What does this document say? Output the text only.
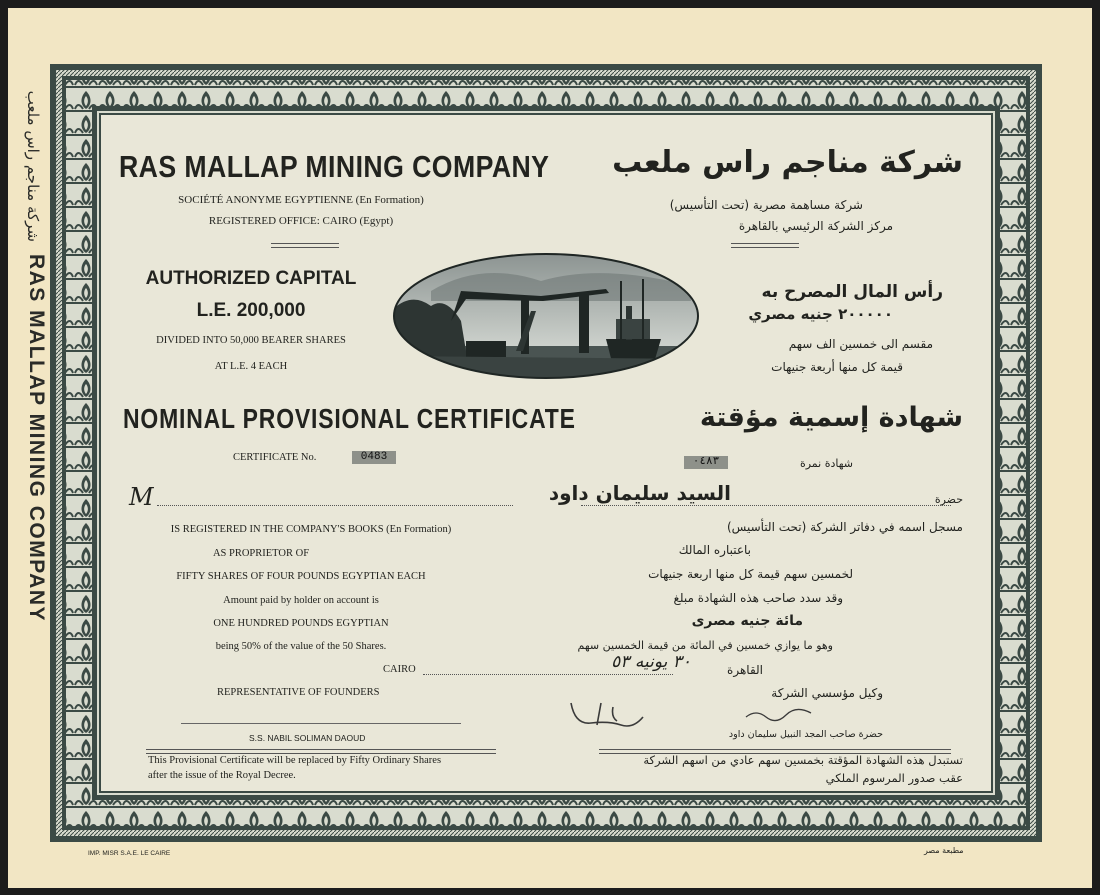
RAS MALLAP MINING COMPANY
شركة مناجم راس ملعب RAS MALLAP MINING COMPANY
SOCIÉTÉ ANONYME EGYPTIENNE (En Formation)
REGISTERED OFFICE: CAIRO (Egypt)
AUTHORIZED CAPITAL
L.E. 200,000
DIVIDED INTO 50,000 BEARER SHARES
AT L.E. 4 EACH
NOMINAL PROVISIONAL CERTIFICATE
CERTIFICATE No.	0483
M
IS REGISTERED IN THE COMPANY'S BOOKS (En Formation)
AS PROPRIETOR OF
FIFTY SHARES OF FOUR POUNDS EGYPTIAN EACH
Amount paid by holder on account is
ONE HUNDRED POUNDS EGYPTIAN
being 50% of the value of the 50 Shares.
CAIRO
REPRESENTATIVE OF FOUNDERS
S.S. NABIL SOLIMAN DAOUD
This Provisional Certificate will be replaced by Fifty Ordinary Shares
after the issue of the Royal Decree.
شركة مناجم راس ملعب
شركة مساهمة مصرية (تحت التأسيس)
مركز الشركة الرئيسي بالقاهرة
رأس المال المصرح به
٢٠٠٠٠٠ جنيه مصري
مقسم الى خمسين الف سهم
قيمة كل منها أربعة جنيهات
شهادة إسمية مؤقتة
شهادة نمرة
٠٤٨٣
حضرة
السيد سليمان داود
مسجل اسمه في دفاتر الشركة (تحت التأسيس)
باعتباره المالك
لخمسين سهم قيمة كل منها اربعة جنيهات
وقد سدد صاحب هذه الشهادة مبلغ
مائة جنيه مصرى
وهو ما يوازي خمسين في المائة من قيمة الخمسين سهم
القاهرة
٣٠ يونيه ٥٣
وكيل مؤسسي الشركة
حضرة صاحب المجد النبيل سليمان داود
تستبدل هذه الشهادة المؤقتة بخمسين سهم عادي من اسهم الشركة
عقب صدور المرسوم الملكي
IMP. MISR S.A.E. LE CAIRE	مطبعة مصر
